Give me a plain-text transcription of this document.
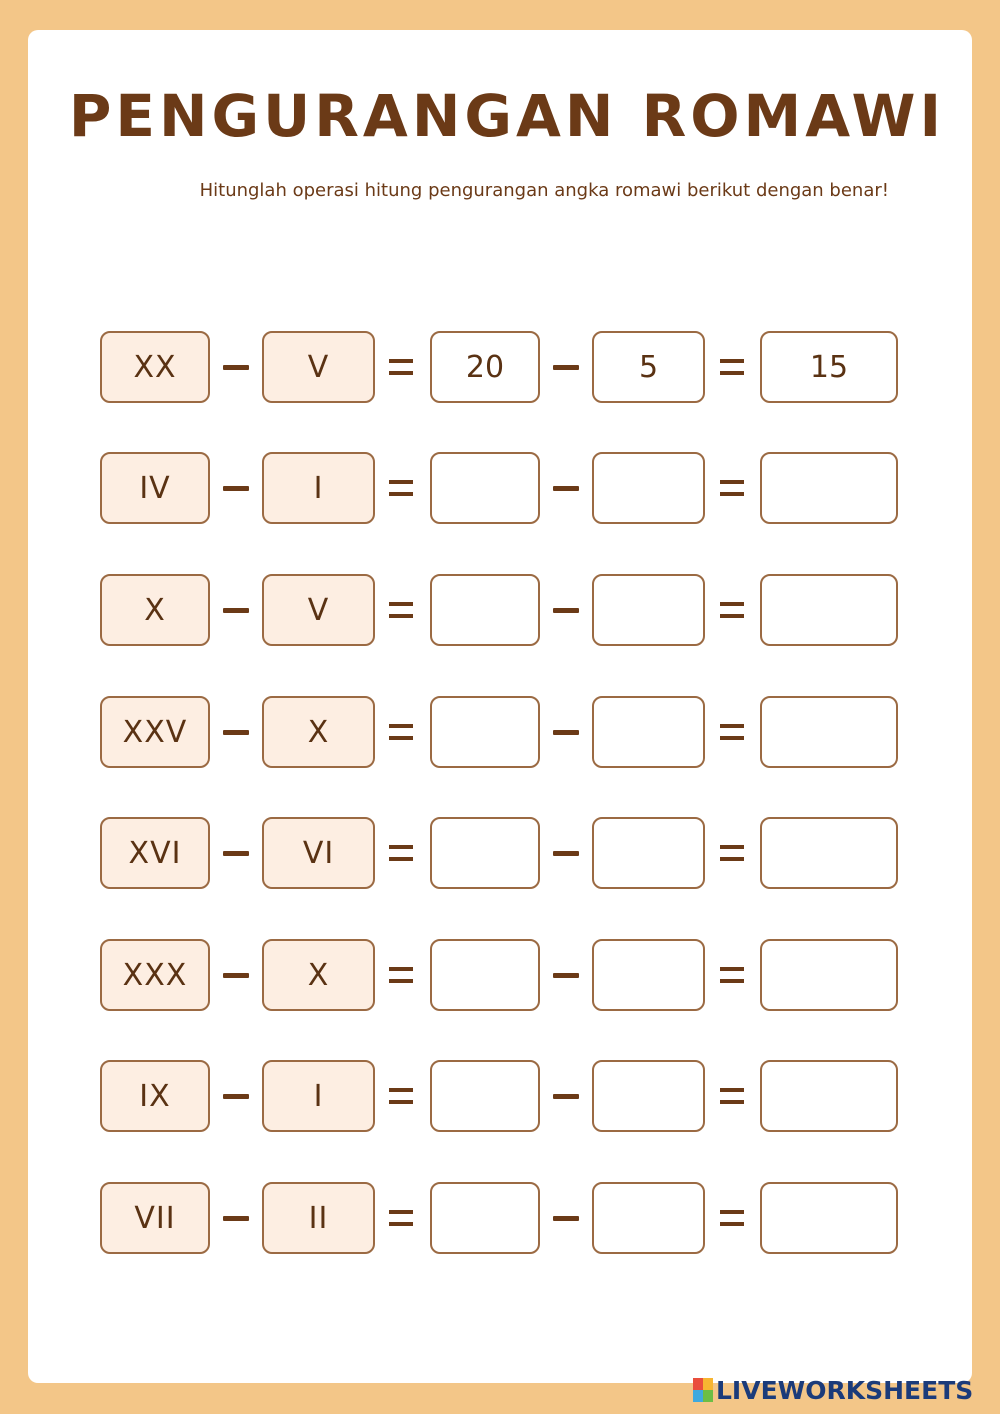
PENGURANGAN ROMAWI

Hitunglah operasi hitung pengurangan angka romawi berikut dengan benar!

XX	V	20	5	15
IV	I
X	V
XXV	X
XVI	VI
XXX	X
IX	I
VII	II
LIVEWORKSHEETS
